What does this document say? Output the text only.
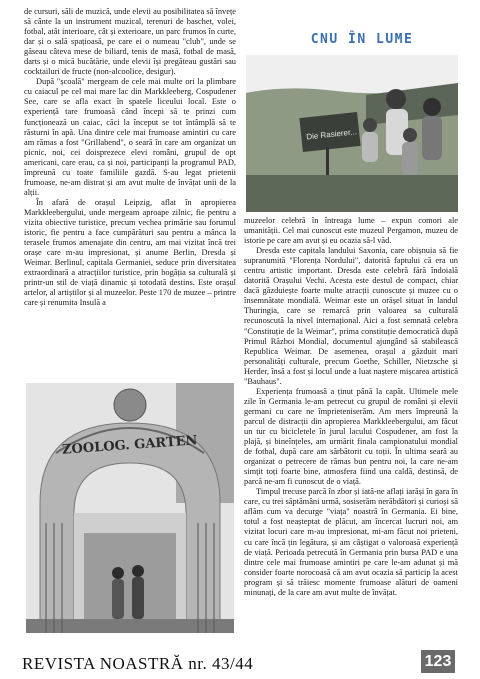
de cursuri, săli de muzică, unde elevii au posibilitatea să învețe să cânte la un instrument muzical, terenuri de baschet, volei, fotbal, atât interioare, cât și exterioare, un parc frumos în curte, dar și o sală spațioasă, pe care ei o numeau "club", unde se găseau câteva mese de biliard, tenis de masă, fotbal de masă, darts și o mică bucătărie, unde elevii își pregăteau gustări sau cocktailuri de fructe (non-alcoolice, desigur).

După "școală" mergeam de cele mai multe ori la plimbare cu caiacul pe cel mai mare lac din Markkleeberg, Cospudener See, care se afla exact în spatele liceului local. Este o experiență tare frumoasă când începi să te prinzi cum funcționează un caiac, căci la început se tot întâmplă să te răsturni în apă. Una dintre cele mai frumoase amintiri cu care am rămas a fost "Grillabend", o seară în care am organizat un picnic, noi, cei doisprezece elevi români, grupul de opt americani, care erau, ca și noi, participanți la programul PAD, împreună cu toate familiile gazdă. S-au legat prietenii frumoase, ne-am distrat și am avut multe de învățat unii de la alții.

În afară de orașul Leipzig, aflat în apropierea Markkleebergului, unde mergeam aproape zilnic, fie pentru a vizita obiective turistice, precum vechea primărie sau forumul istoric, fie pentru a face cumpărături sau pentru a mânca la terasele frumos amenajate din centru, am mai vizitat încă trei orașe care m-au impresionat, și anume Berlin, Dresda și Weimar. Berlinul, capitala Germaniei, seduce prin diversitatea extraordinară a atracțiilor turistice, prin bogăția sa culturală și printr-un stil de viață dinamic și totodată destins. Este orașul artelor, al artiștilor și al muzeelor. Peste 170 de muzee – printre care și renumita Insulă a

CNU ÎN LUME
Die Rasierer...

muzeelor celebră în întreaga lume – expun comori ale umanității. Cel mai cunoscut este muzeul Pergamon, muzeu de istorie pe care am avut și eu ocazia să-l văd.

Dresda este capitala landului Saxonia, care obișnuia să fie supranumită "Florența Nordului", datorită faptului că era un centru artistic important. Dresda este celebră fără îndoială datorită Orașului Vechi. Acesta este destul de compact, chiar dacă găzduiește foarte multe atracții cunoscute și muzee cu o însemnătate mondială. Weimar este un orășel situat în landul Thuringia, care se remarcă prin valoarea sa culturală recunoscută la nivel internațional. Aici a fost semnată celebra "Constituție de la Weimar", prima constituție democratică după Primul Război Mondial, documentul ajungând să stabilească Republica Weimar. De asemenea, orașul a găzduit mari personalități culturale, precum Goethe, Schiller, Nietzsche și Herder, însă a fost și locul unde a luat naștere mișcarea artistică "Bauhaus".

Experiența frumoasă a ținut până la capăt. Ultimele mele zile în Germania le-am petrecut cu grupul de români și elevii germani cu care ne împrieteniserăm. Am mers împreună la parcul de distracții din apropierea Markkleebergului, am făcut un tur cu bicicletele în jurul lacului Cospudener, am fost la plajă, și bineînțeles, am urmărit finala campionatului mondial de fotbal, după care am sărbătorit cu toții. În ultima seară au organizat o petrecere de rămas bun pentru noi, la care ne-am simțit toți foarte bine, atmosfera fiind una caldă, destinsă, de parcă ne-am fi cunoscut de o viață.

Timpul trecuse parcă în zbor și iată-ne aflați iarăși în gara în care, cu trei săptămâni urmă, sosiserăm nerăbdători și curioși să aflăm cum va decurge "viața" noastră în Germania. Ei bine, totul a fost neașteptat de plăcut, am încercat lucruri noi, am vizitat locuri care m-au impresionat, mi-am făcut noi prieteni, cu care încă țin legătura, și am câștigat o valoroasă experiență de viață. Perioada petrecută în Germania prin bursa PAD e una dintre cele mai frumoase amintiri pe care le-am adunat și mă consider foarte norocoasă că am avut ocazia să particip la acest program și să trăiesc momente frumoase alături de oameni minunați, de la care am avut multe de învățat.

ZOOLOG. GARTEN
REVISTA NOASTRĂ nr. 43/44	123
